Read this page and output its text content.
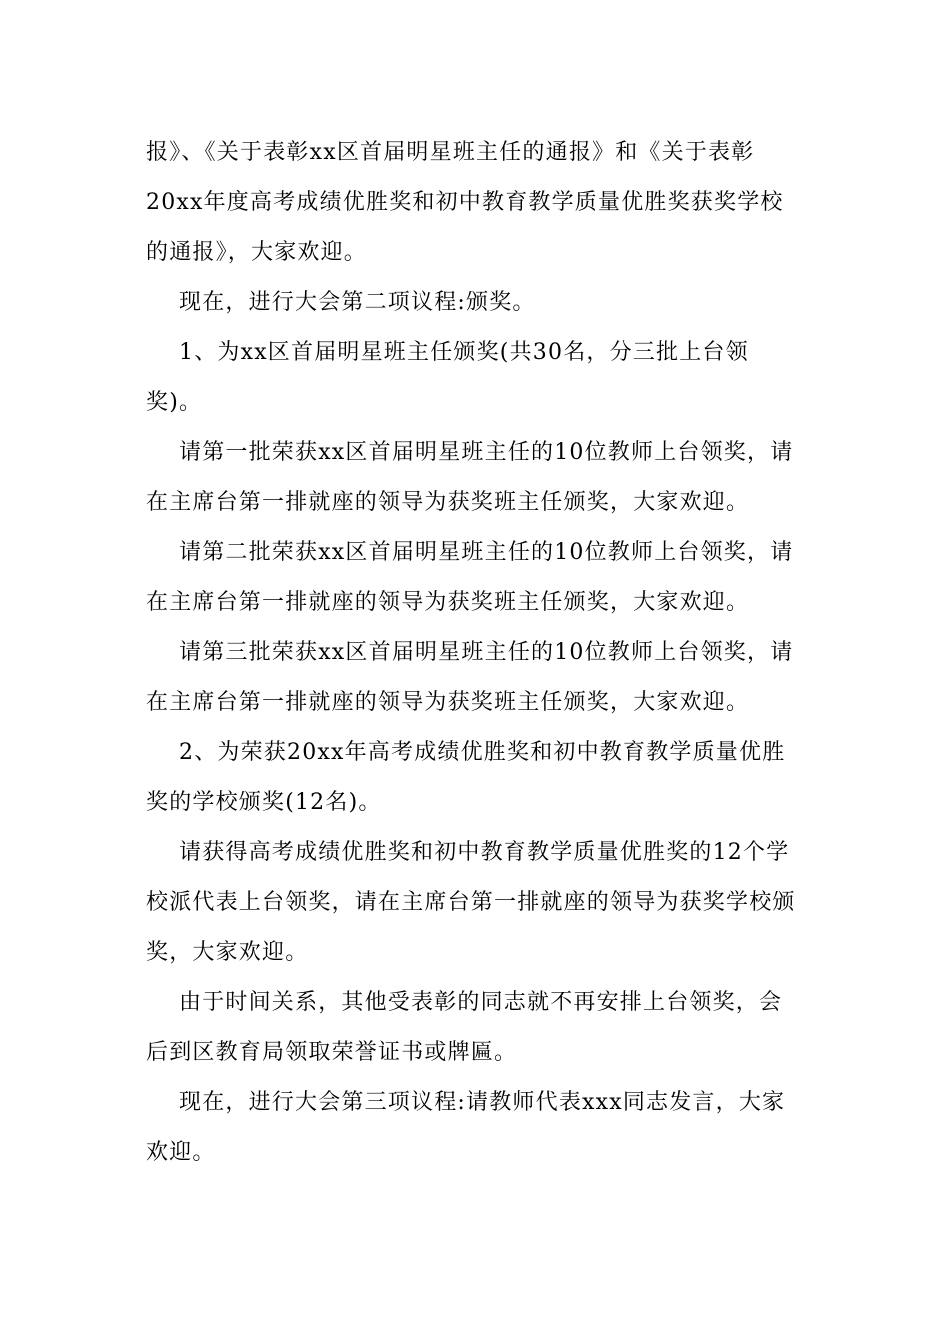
报》、《关于表彰xx区首届明星班主任的通报》和《关于表彰20xx年度高考成绩优胜奖和初中教育教学质量优胜奖获奖学校的通报》，大家欢迎。

现在，进行大会第二项议程:颁奖。

1、为xx区首届明星班主任颁奖(共30名，分三批上台领奖)。

请第一批荣获xx区首届明星班主任的10位教师上台领奖，请在主席台第一排就座的领导为获奖班主任颁奖，大家欢迎。

请第二批荣获xx区首届明星班主任的10位教师上台领奖，请在主席台第一排就座的领导为获奖班主任颁奖，大家欢迎。

请第三批荣获xx区首届明星班主任的10位教师上台领奖，请在主席台第一排就座的领导为获奖班主任颁奖，大家欢迎。

2、为荣获20xx年高考成绩优胜奖和初中教育教学质量优胜奖的学校颁奖(12名)。

请获得高考成绩优胜奖和初中教育教学质量优胜奖的12个学校派代表上台领奖，请在主席台第一排就座的领导为获奖学校颁奖，大家欢迎。

由于时间关系，其他受表彰的同志就不再安排上台领奖，会后到区教育局领取荣誉证书或牌匾。

现在，进行大会第三项议程:请教师代表xxx同志发言，大家欢迎。
